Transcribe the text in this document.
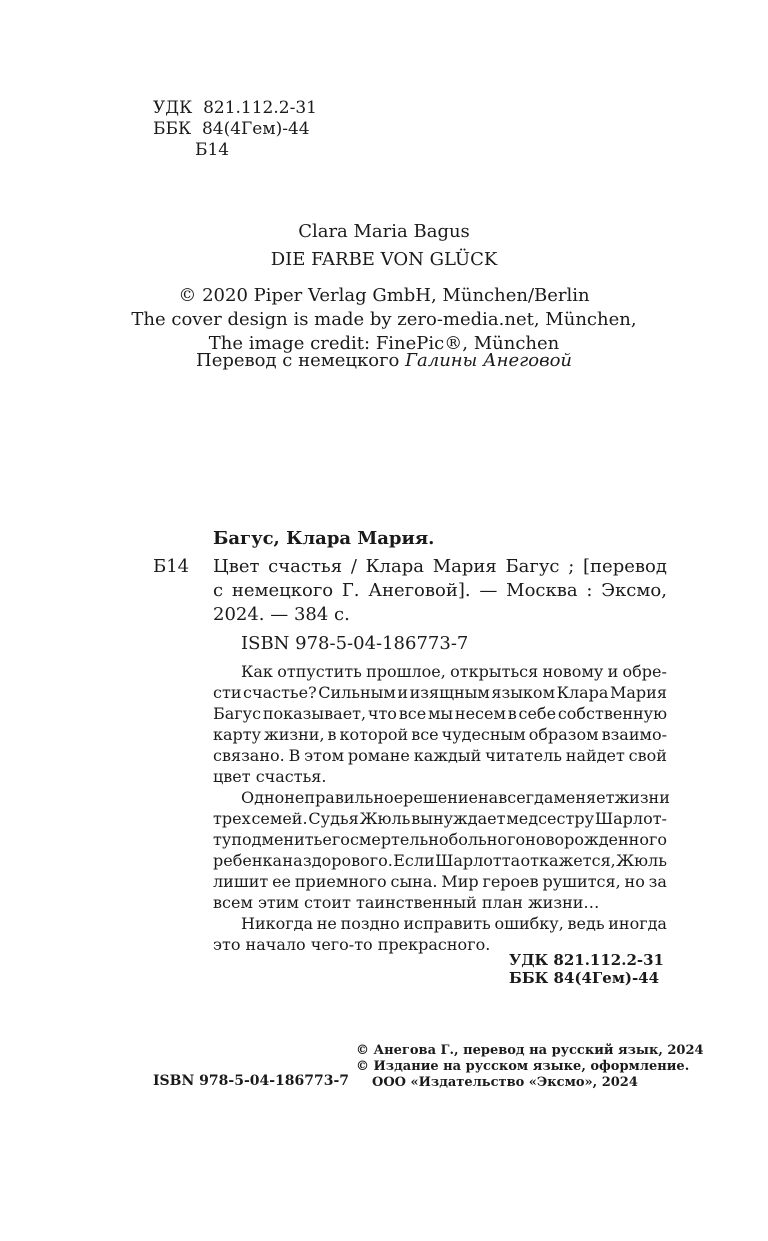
УДК  821.112.2-31
ББК  84(4Гем)-44
Б14
Clara Maria Bagus
DIE FARBE VON GLÜCK
© 2020 Piper Verlag GmbH, München/Berlin
The cover design is made by zero-media.net, München,
The image credit: FinePic®, München
Перевод с немецкого Галины Анеговой
Багус, Клара Мария.
Б14 Цвет счастья / Клара Мария Багус ; [перевод
с немецкого Г. Анеговой]. — Москва : Эксмо,
2024. — 384 с.
ISBN 978-5-04-186773-7
Как отпустить прошлое, открыться новому и обре-
сти счастье? Сильным и изящным языком Клара Мария
Багус показывает, что все мы несем в себе собственную
карту жизни, в которой все чудесным образом взаимо-
связано. В этом романе каждый читатель найдет свой
цвет счастья.
Одно неправильное решение навсегда меняет жизни
трех семей. Судья Жюль вынуждает медсестру Шарлот-
ту подменить его смертельно больного новорожденного
ребенка на здорового. Если Шарлотта откажется, Жюль
лишит ее приемного сына. Мир героев рушится, но за
всем этим стоит таинственный план жизни…
Никогда не поздно исправить ошибку, ведь иногда
это начало чего-то прекрасного.
УДК 821.112.2-31
ББК 84(4Гем)-44
© Анегова Г., перевод на русский язык, 2024
© Издание на русском языке, оформление.
ООО «Издательство «Эксмо», 2024
ISBN 978-5-04-186773-7
